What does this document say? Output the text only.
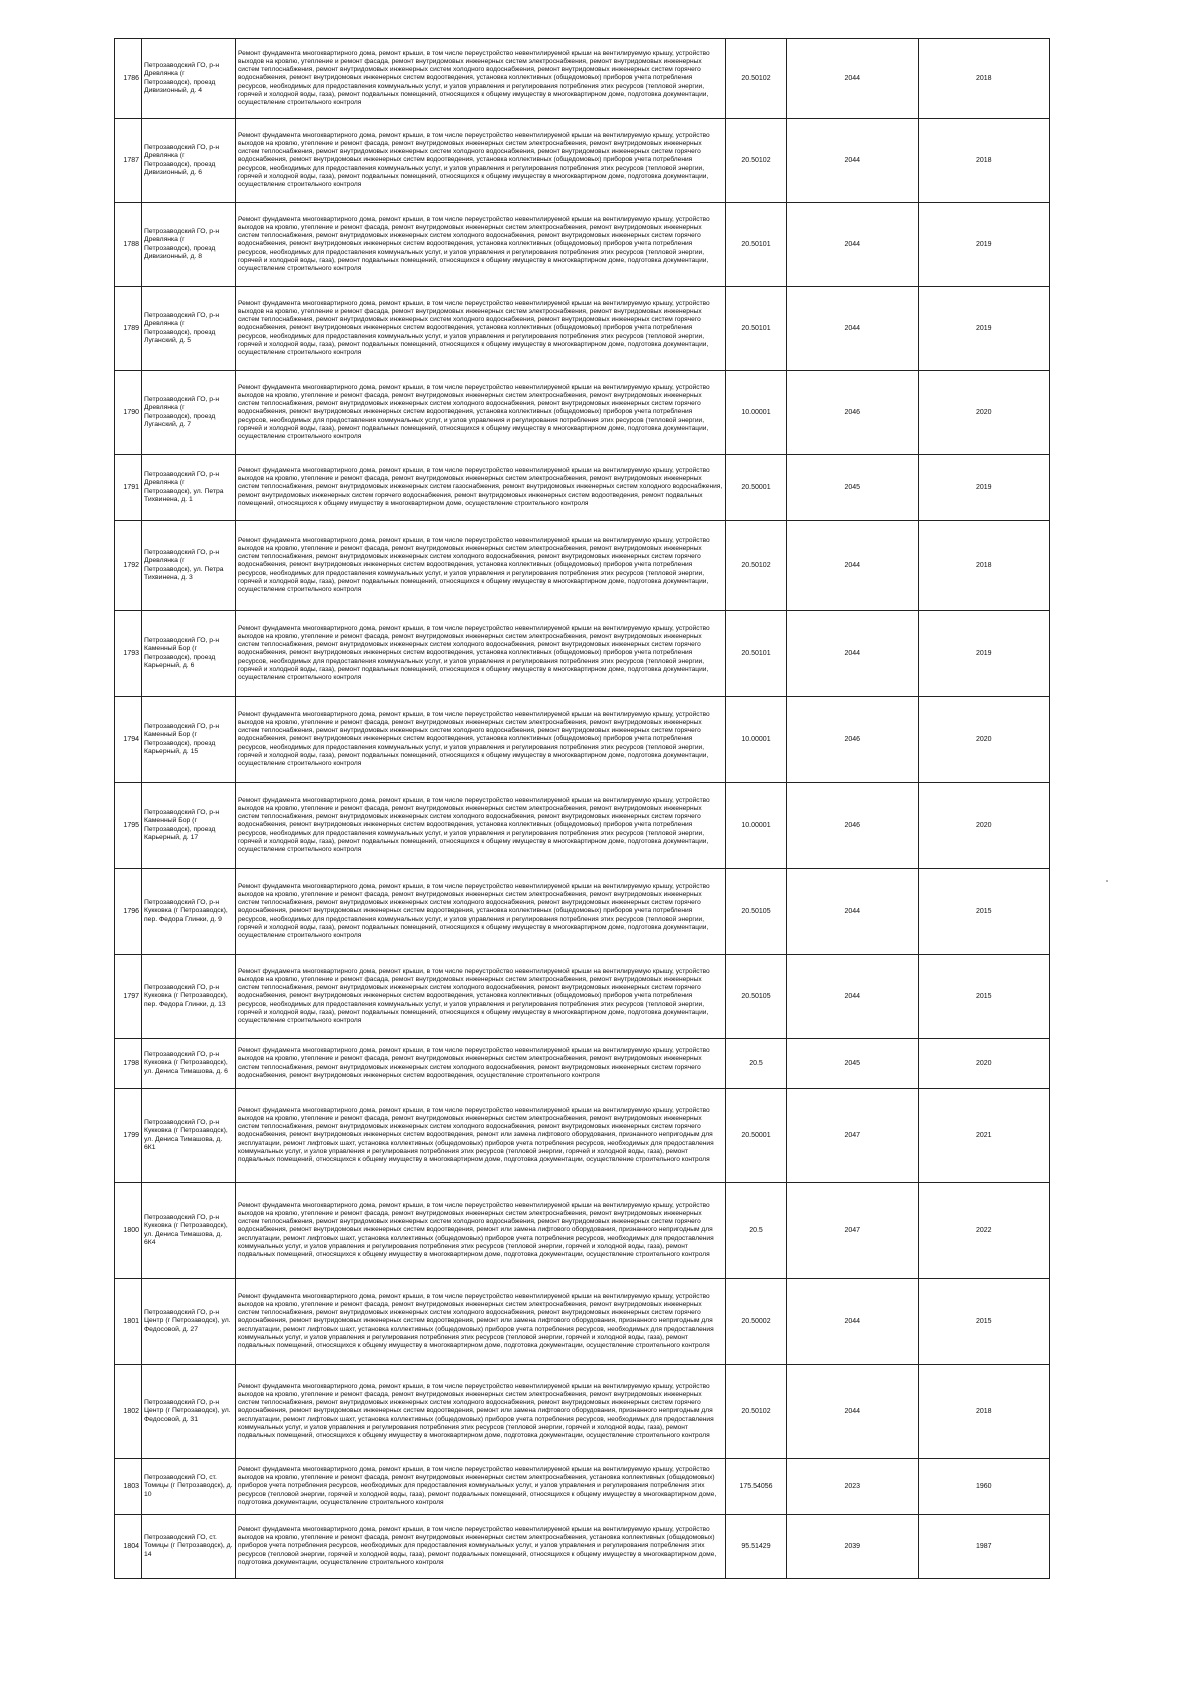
1786	Петрозаводский ГО, р-н Древлянка (г Петрозаводск), проезд Дивизионный, д. 4	Ремонт фундамента многоквартирного дома, ремонт крыши, в том числе переустройство невентилируемой крыши на вентилируемую крышу, устройство выходов на кровлю, утепление и ремонт фасада, ремонт внутридомовых инженерных систем электроснабжения, ремонт внутридомовых инженерных систем теплоснабжения, ремонт внутридомовых инженерных систем холодного водоснабжения, ремонт внутридомовых инженерных систем горячего водоснабжения, ремонт внутридомовых инженерных систем водоотведения, установка коллективных (общедомовых) приборов учета потребления ресурсов, необходимых для предоставления коммунальных услуг, и узлов управления и регулирования потребления этих ресурсов (тепловой энергии, горячей и холодной воды, газа), ремонт подвальных помещений, относящихся к общему имуществу в многоквартирном доме, подготовка документации, осуществление строительного контроля	20.50102	2044	2018

1787	Петрозаводский ГО, р-н Древлянка (г Петрозаводск), проезд Дивизионный, д. 6	Ремонт фундамента многоквартирного дома, ремонт крыши, в том числе переустройство невентилируемой крыши на вентилируемую крышу, устройство выходов на кровлю, утепление и ремонт фасада, ремонт внутридомовых инженерных систем электроснабжения, ремонт внутридомовых инженерных систем теплоснабжения, ремонт внутридомовых инженерных систем холодного водоснабжения, ремонт внутридомовых инженерных систем горячего водоснабжения, ремонт внутридомовых инженерных систем водоотведения, установка коллективных (общедомовых) приборов учета потребления ресурсов, необходимых для предоставления коммунальных услуг, и узлов управления и регулирования потребления этих ресурсов (тепловой энергии, горячей и холодной воды, газа), ремонт подвальных помещений, относящихся к общему имуществу в многоквартирном доме, подготовка документации, осуществление строительного контроля	20.50102	2044	2018

1788	Петрозаводский ГО, р-н Древлянка (г Петрозаводск), проезд Дивизионный, д. 8	Ремонт фундамента многоквартирного дома, ремонт крыши, в том числе переустройство невентилируемой крыши на вентилируемую крышу, устройство выходов на кровлю, утепление и ремонт фасада, ремонт внутридомовых инженерных систем электроснабжения, ремонт внутридомовых инженерных систем теплоснабжения, ремонт внутридомовых инженерных систем холодного водоснабжения, ремонт внутридомовых инженерных систем горячего водоснабжения, ремонт внутридомовых инженерных систем водоотведения, установка коллективных (общедомовых) приборов учета потребления ресурсов, необходимых для предоставления коммунальных услуг, и узлов управления и регулирования потребления этих ресурсов (тепловой энергии, горячей и холодной воды, газа), ремонт подвальных помещений, относящихся к общему имуществу в многоквартирном доме, подготовка документации, осуществление строительного контроля	20.50101	2044	2019

1789	Петрозаводский ГО, р-н Древлянка (г Петрозаводск), проезд Луганский, д. 5	Ремонт фундамента многоквартирного дома, ремонт крыши, в том числе переустройство невентилируемой крыши на вентилируемую крышу, устройство выходов на кровлю, утепление и ремонт фасада, ремонт внутридомовых инженерных систем электроснабжения, ремонт внутридомовых инженерных систем теплоснабжения, ремонт внутридомовых инженерных систем холодного водоснабжения, ремонт внутридомовых инженерных систем горячего водоснабжения, ремонт внутридомовых инженерных систем водоотведения, установка коллективных (общедомовых) приборов учета потребления ресурсов, необходимых для предоставления коммунальных услуг, и узлов управления и регулирования потребления этих ресурсов (тепловой энергии, горячей и холодной воды, газа), ремонт подвальных помещений, относящихся к общему имуществу в многоквартирном доме, подготовка документации, осуществление строительного контроля	20.50101	2044	2019

1790	Петрозаводский ГО, р-н Древлянка (г Петрозаводск), проезд Луганский, д. 7	Ремонт фундамента многоквартирного дома, ремонт крыши, в том числе переустройство невентилируемой крыши на вентилируемую крышу, устройство выходов на кровлю, утепление и ремонт фасада, ремонт внутридомовых инженерных систем электроснабжения, ремонт внутридомовых инженерных систем теплоснабжения, ремонт внутридомовых инженерных систем холодного водоснабжения, ремонт внутридомовых инженерных систем горячего водоснабжения, ремонт внутридомовых инженерных систем водоотведения, установка коллективных (общедомовых) приборов учета потребления ресурсов, необходимых для предоставления коммунальных услуг, и узлов управления и регулирования потребления этих ресурсов (тепловой энергии, горячей и холодной воды, газа), ремонт подвальных помещений, относящихся к общему имуществу в многоквартирном доме, подготовка документации, осуществление строительного контроля	10.00001	2046	2020

1791	Петрозаводский ГО, р-н Древлянка (г Петрозаводск), ул. Петра Тихвинена, д. 1	Ремонт фундамента многоквартирного дома, ремонт крыши, в том числе переустройство невентилируемой крыши на вентилируемую крышу, устройство выходов на кровлю, утепление и ремонт фасада, ремонт внутридомовых инженерных систем электроснабжения, ремонт внутридомовых инженерных систем теплоснабжения, ремонт внутридомовых инженерных систем газоснабжения, ремонт внутридомовых инженерных систем холодного водоснабжения, ремонт внутридомовых инженерных систем горячего водоснабжения, ремонт внутридомовых инженерных систем водоотведения, ремонт подвальных помещений, относящихся к общему имуществу в многоквартирном доме, осуществление строительного контроля	20.50001	2045	2019

1792	Петрозаводский ГО, р-н Древлянка (г Петрозаводск), ул. Петра Тихвинена, д. 3	Ремонт фундамента многоквартирного дома, ремонт крыши, в том числе переустройство невентилируемой крыши на вентилируемую крышу, устройство выходов на кровлю, утепление и ремонт фасада, ремонт внутридомовых инженерных систем электроснабжения, ремонт внутридомовых инженерных систем теплоснабжения, ремонт внутридомовых инженерных систем холодного водоснабжения, ремонт внутридомовых инженерных систем горячего водоснабжения, ремонт внутридомовых инженерных систем водоотведения, установка коллективных (общедомовых) приборов учета потребления ресурсов, необходимых для предоставления коммунальных услуг, и узлов управления и регулирования потребления этих ресурсов (тепловой энергии, горячей и холодной воды, газа), ремонт подвальных помещений, относящихся к общему имуществу в многоквартирном доме, подготовка документации, осуществление строительного контроля	20.50102	2044	2018

1793	Петрозаводский ГО, р-н Каменный Бор (г Петрозаводск), проезд Карьерный, д. 6	Ремонт фундамента многоквартирного дома, ремонт крыши, в том числе переустройство невентилируемой крыши на вентилируемую крышу, устройство выходов на кровлю, утепление и ремонт фасада, ремонт внутридомовых инженерных систем электроснабжения, ремонт внутридомовых инженерных систем теплоснабжения, ремонт внутридомовых инженерных систем холодного водоснабжения, ремонт внутридомовых инженерных систем горячего водоснабжения, ремонт внутридомовых инженерных систем водоотведения, установка коллективных (общедомовых) приборов учета потребления ресурсов, необходимых для предоставления коммунальных услуг, и узлов управления и регулирования потребления этих ресурсов (тепловой энергии, горячей и холодной воды, газа), ремонт подвальных помещений, относящихся к общему имуществу в многоквартирном доме, подготовка документации, осуществление строительного контроля	20.50101	2044	2019

1794	Петрозаводский ГО, р-н Каменный Бор (г Петрозаводск), проезд Карьерный, д. 15	Ремонт фундамента многоквартирного дома, ремонт крыши, в том числе переустройство невентилируемой крыши на вентилируемую крышу, устройство выходов на кровлю, утепление и ремонт фасада, ремонт внутридомовых инженерных систем электроснабжения, ремонт внутридомовых инженерных систем теплоснабжения, ремонт внутридомовых инженерных систем холодного водоснабжения, ремонт внутридомовых инженерных систем горячего водоснабжения, ремонт внутридомовых инженерных систем водоотведения, установка коллективных (общедомовых) приборов учета потребления ресурсов, необходимых для предоставления коммунальных услуг, и узлов управления и регулирования потребления этих ресурсов (тепловой энергии, горячей и холодной воды, газа), ремонт подвальных помещений, относящихся к общему имуществу в многоквартирном доме, подготовка документации, осуществление строительного контроля	10.00001	2046	2020

1795	Петрозаводский ГО, р-н Каменный Бор (г Петрозаводск), проезд Карьерный, д. 17	Ремонт фундамента многоквартирного дома, ремонт крыши, в том числе переустройство невентилируемой крыши на вентилируемую крышу, устройство выходов на кровлю, утепление и ремонт фасада, ремонт внутридомовых инженерных систем электроснабжения, ремонт внутридомовых инженерных систем теплоснабжения, ремонт внутридомовых инженерных систем холодного водоснабжения, ремонт внутридомовых инженерных систем горячего водоснабжения, ремонт внутридомовых инженерных систем водоотведения, установка коллективных (общедомовых) приборов учета потребления ресурсов, необходимых для предоставления коммунальных услуг, и узлов управления и регулирования потребления этих ресурсов (тепловой энергии, горячей и холодной воды, газа), ремонт подвальных помещений, относящихся к общему имуществу в многоквартирном доме, подготовка документации, осуществление строительного контроля	10.00001	2046	2020

1796	Петрозаводский ГО, р-н Кукковка (г Петрозаводск), пер. Федора Глинки, д. 9	Ремонт фундамента многоквартирного дома, ремонт крыши, в том числе переустройство невентилируемой крыши на вентилируемую крышу, устройство выходов на кровлю, утепление и ремонт фасада, ремонт внутридомовых инженерных систем электроснабжения, ремонт внутридомовых инженерных систем теплоснабжения, ремонт внутридомовых инженерных систем холодного водоснабжения, ремонт внутридомовых инженерных систем горячего водоснабжения, ремонт внутридомовых инженерных систем водоотведения, установка коллективных (общедомовых) приборов учета потребления ресурсов, необходимых для предоставления коммунальных услуг, и узлов управления и регулирования потребления этих ресурсов (тепловой энергии, горячей и холодной воды, газа), ремонт подвальных помещений, относящихся к общему имуществу в многоквартирном доме, подготовка документации, осуществление строительного контроля	20.50105	2044	2015

1797	Петрозаводский ГО, р-н Кукковка (г Петрозаводск), пер. Федора Глинки, д. 13	Ремонт фундамента многоквартирного дома, ремонт крыши, в том числе переустройство невентилируемой крыши на вентилируемую крышу, устройство выходов на кровлю, утепление и ремонт фасада, ремонт внутридомовых инженерных систем электроснабжения, ремонт внутридомовых инженерных систем теплоснабжения, ремонт внутридомовых инженерных систем холодного водоснабжения, ремонт внутридомовых инженерных систем горячего водоснабжения, ремонт внутридомовых инженерных систем водоотведения, установка коллективных (общедомовых) приборов учета потребления ресурсов, необходимых для предоставления коммунальных услуг, и узлов управления и регулирования потребления этих ресурсов (тепловой энергии, горячей и холодной воды, газа), ремонт подвальных помещений, относящихся к общему имуществу в многоквартирном доме, подготовка документации, осуществление строительного контроля	20.50105	2044	2015

1798	Петрозаводский ГО, р-н Кукковка (г Петрозаводск), ул. Дениса Тимашова, д. 6	Ремонт фундамента многоквартирного дома, ремонт крыши, в том числе переустройство невентилируемой крыши на вентилируемую крышу, устройство выходов на кровлю, утепление и ремонт фасада, ремонт внутридомовых инженерных систем электроснабжения, ремонт внутридомовых инженерных систем теплоснабжения, ремонт внутридомовых инженерных систем холодного водоснабжения, ремонт внутридомовых инженерных систем горячего водоснабжения, ремонт внутридомовых инженерных систем водоотведения, осуществление строительного контроля	20.5	2045	2020

1799	Петрозаводский ГО, р-н Кукковка (г Петрозаводск), ул. Дениса Тимашова, д. 6К1	Ремонт фундамента многоквартирного дома, ремонт крыши, в том числе переустройство невентилируемой крыши на вентилируемую крышу, устройство выходов на кровлю, утепление и ремонт фасада, ремонт внутридомовых инженерных систем электроснабжения, ремонт внутридомовых инженерных систем теплоснабжения, ремонт внутридомовых инженерных систем холодного водоснабжения, ремонт внутридомовых инженерных систем горячего водоснабжения, ремонт внутридомовых инженерных систем водоотведения, ремонт или замена лифтового оборудования, признанного непригодным для эксплуатации, ремонт лифтовых шахт, установка коллективных (общедомовых) приборов учета потребления ресурсов, необходимых для предоставления коммунальных услуг, и узлов управления и регулирования потребления этих ресурсов (тепловой энергии, горячей и холодной воды, газа), ремонт подвальных помещений, относящихся к общему имуществу в многоквартирном доме, подготовка документации, осуществление строительного контроля	20.50001	2047	2021

1800	Петрозаводский ГО, р-н Кукковка (г Петрозаводск), ул. Дениса Тимашова, д. 6К4	Ремонт фундамента многоквартирного дома, ремонт крыши, в том числе переустройство невентилируемой крыши на вентилируемую крышу, устройство выходов на кровлю, утепление и ремонт фасада, ремонт внутридомовых инженерных систем электроснабжения, ремонт внутридомовых инженерных систем теплоснабжения, ремонт внутридомовых инженерных систем холодного водоснабжения, ремонт внутридомовых инженерных систем горячего водоснабжения, ремонт внутридомовых инженерных систем водоотведения, ремонт или замена лифтового оборудования, признанного непригодным для эксплуатации, ремонт лифтовых шахт, установка коллективных (общедомовых) приборов учета потребления ресурсов, необходимых для предоставления коммунальных услуг, и узлов управления и регулирования потребления этих ресурсов (тепловой энергии, горячей и холодной воды, газа), ремонт подвальных помещений, относящихся к общему имуществу в многоквартирном доме, подготовка документации, осуществление строительного контроля	20.5	2047	2022

1801	Петрозаводский ГО, р-н Центр (г Петрозаводск), ул. Федосовой, д. 27	Ремонт фундамента многоквартирного дома, ремонт крыши, в том числе переустройство невентилируемой крыши на вентилируемую крышу, устройство выходов на кровлю, утепление и ремонт фасада, ремонт внутридомовых инженерных систем электроснабжения, ремонт внутридомовых инженерных систем теплоснабжения, ремонт внутридомовых инженерных систем холодного водоснабжения, ремонт внутридомовых инженерных систем горячего водоснабжения, ремонт внутридомовых инженерных систем водоотведения, ремонт или замена лифтового оборудования, признанного непригодным для эксплуатации, ремонт лифтовых шахт, установка коллективных (общедомовых) приборов учета потребления ресурсов, необходимых для предоставления коммунальных услуг, и узлов управления и регулирования потребления этих ресурсов (тепловой энергии, горячей и холодной воды, газа), ремонт подвальных помещений, относящихся к общему имуществу в многоквартирном доме, подготовка документации, осуществление строительного контроля	20.50002	2044	2015

1802	Петрозаводский ГО, р-н Центр (г Петрозаводск), ул. Федосовой, д. 31	Ремонт фундамента многоквартирного дома, ремонт крыши, в том числе переустройство невентилируемой крыши на вентилируемую крышу, устройство выходов на кровлю, утепление и ремонт фасада, ремонт внутридомовых инженерных систем электроснабжения, ремонт внутридомовых инженерных систем теплоснабжения, ремонт внутридомовых инженерных систем холодного водоснабжения, ремонт внутридомовых инженерных систем горячего водоснабжения, ремонт внутридомовых инженерных систем водоотведения, ремонт или замена лифтового оборудования, признанного непригодным для эксплуатации, ремонт лифтовых шахт, установка коллективных (общедомовых) приборов учета потребления ресурсов, необходимых для предоставления коммунальных услуг, и узлов управления и регулирования потребления этих ресурсов (тепловой энергии, горячей и холодной воды, газа), ремонт подвальных помещений, относящихся к общему имуществу в многоквартирном доме, подготовка документации, осуществление строительного контроля	20.50102	2044	2018

1803	Петрозаводский ГО, ст. Томицы (г Петрозаводск), д. 10	Ремонт фундамента многоквартирного дома, ремонт крыши, в том числе переустройство невентилируемой крыши на вентилируемую крышу, устройство выходов на кровлю, утепление и ремонт фасада, ремонт внутридомовых инженерных систем электроснабжения, установка коллективных (общедомовых) приборов учета потребления ресурсов, необходимых для предоставления коммунальных услуг, и узлов управления и регулирования потребления этих ресурсов (тепловой энергии, горячей и холодной воды, газа), ремонт подвальных помещений, относящихся к общему имуществу в многоквартирном доме, подготовка документации, осуществление строительного контроля	175.54056	2023	1960

1804	Петрозаводский ГО, ст. Томицы (г Петрозаводск), д. 14	Ремонт фундамента многоквартирного дома, ремонт крыши, в том числе переустройство невентилируемой крыши на вентилируемую крышу, устройство выходов на кровлю, утепление и ремонт фасада, ремонт внутридомовых инженерных систем электроснабжения, установка коллективных (общедомовых) приборов учета потребления ресурсов, необходимых для предоставления коммунальных услуг, и узлов управления и регулирования потребления этих ресурсов (тепловой энергии, горячей и холодной воды, газа), ремонт подвальных помещений, относящихся к общему имуществу в многоквартирном доме, подготовка документации, осуществление строительного контроля	95.51429	2039	1987
